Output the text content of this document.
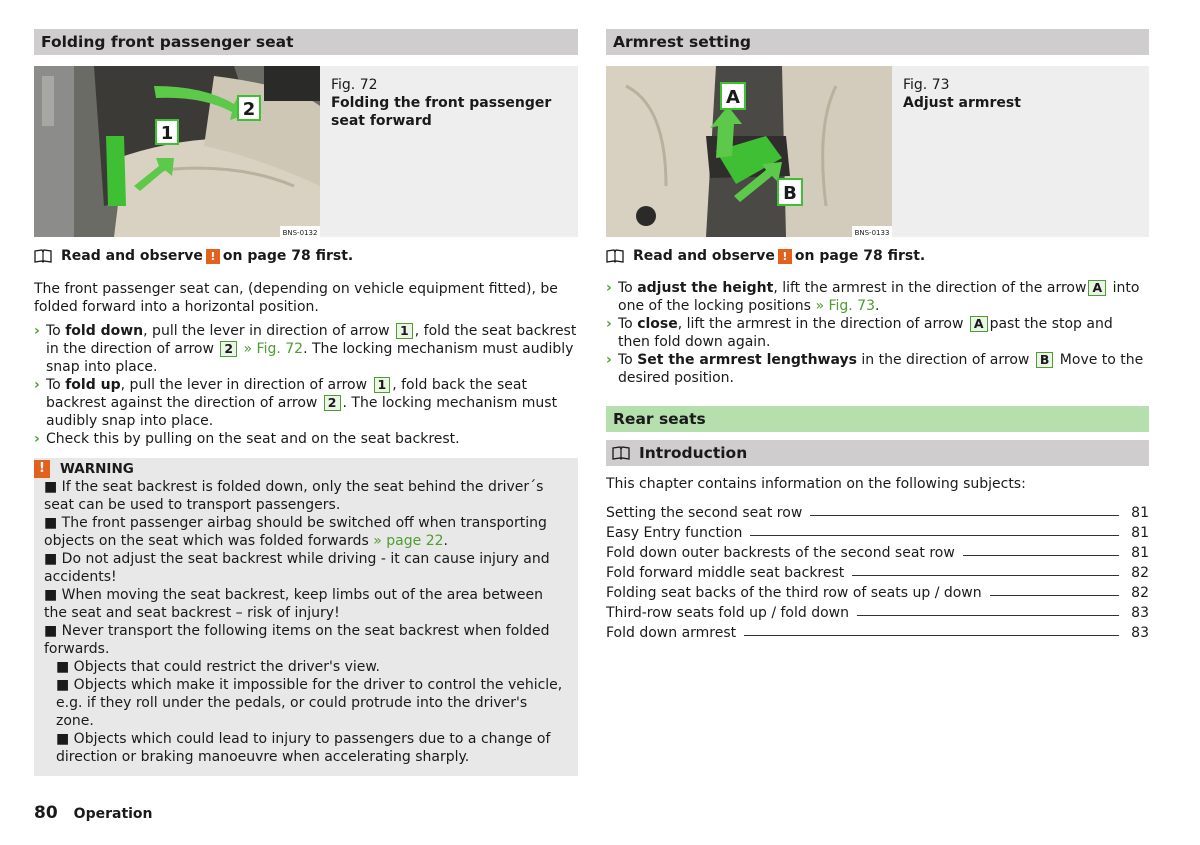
Folding front passenger seat
1
2
BNS-0132
Fig. 72
Folding the front passenger seat forward
Read and observe ! on page 78 first.

The front passenger seat can, (depending on vehicle equipment fitted), be folded forward into a horizontal position.

› To fold down, pull the lever in direction of arrow 1 , fold the seat backrest in the direction of arrow 2 » Fig. 72. The locking mechanism must audibly snap into place.
› To fold up, pull the lever in direction of arrow 1 , fold back the seat backrest against the direction of arrow 2 . The locking mechanism must audibly snap into place.
› Check this by pulling on the seat and on the seat backrest.
!	WARNING

■ If the seat backrest is folded down, only the seat behind the driver´s seat can be used to transport passengers.

■ The front passenger airbag should be switched off when transporting objects on the seat which was folded forwards » page 22.

■ Do not adjust the seat backrest while driving - it can cause injury and accidents!

■ When moving the seat backrest, keep limbs out of the area between the seat and seat backrest – risk of injury!

■ Never transport the following items on the seat backrest when folded forwards.

■ Objects that could restrict the driver's view.

■ Objects which make it impossible for the driver to control the vehicle, e.g. if they roll under the pedals, or could protrude into the driver's zone.

■ Objects which could lead to injury to passengers due to a change of direction or braking manoeuvre when accelerating sharply.

Armrest setting
A
B
BNS-0133
Fig. 73
Adjust armrest
Read and observe ! on page 78 first.
› To adjust the height, lift the armrest in the direction of the arrow A into one of the locking positions » Fig. 73.
› To close, lift the armrest in the direction of arrow A past the stop and then fold down again.
› To Set the armrest lengthways in the direction of arrow B Move to the desired position.
Rear seats
Introduction

This chapter contains information on the following subjects:

Setting the second seat row	81
Easy Entry function	81
Fold down outer backrests of the second seat row	81
Fold forward middle seat backrest	82
Folding seat backs of the third row of seats up / down	82
Third-row seats fold up / fold down	83
Fold down armrest	83
80 Operation
